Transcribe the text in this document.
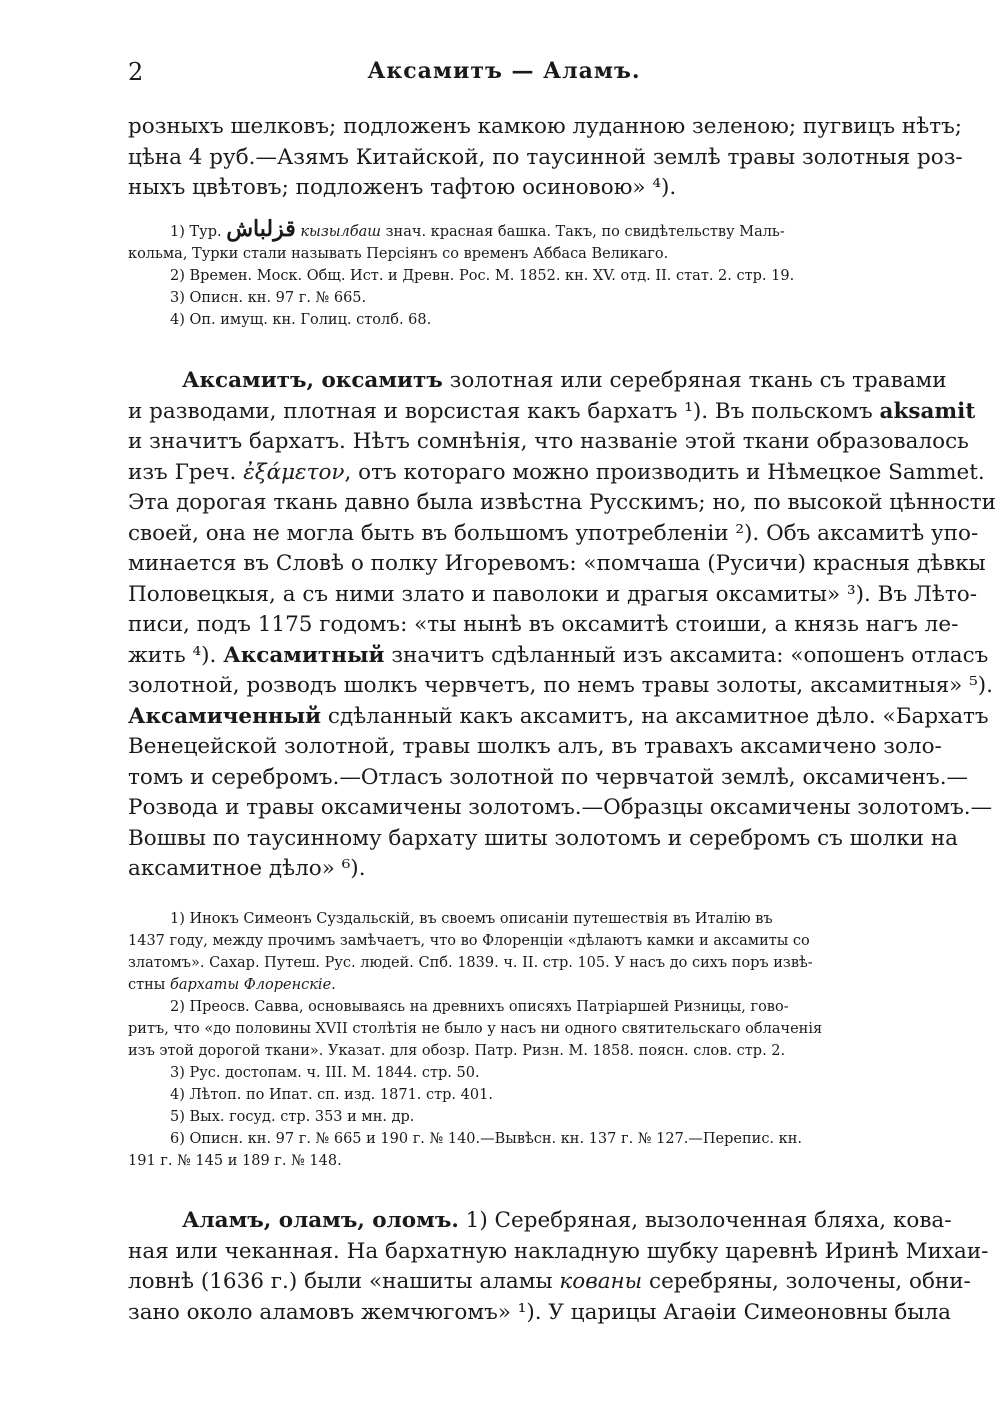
2	Аксамитъ — Аламъ.

розныхъ шелковъ; подложенъ камкою луданною зеленою; пугвицъ нѣтъ;
цѣна 4 руб.—Азямъ Китайской, по таусинной землѣ травы золотныя роз-
ныхъ цвѣтовъ; подложенъ тафтою осиновою» ⁴).

1) Тур. قزلباش кызылбаш знач. красная башка. Такъ, по свидѣтельству Маль-
кольма, Турки стали называть Персіянъ со временъ Аббаса Великаго.
2) Времен. Моск. Общ. Ист. и Древн. Рос. М. 1852. кн. XV. отд. II. стат. 2. стр. 19.
3) Описн. кн. 97 г. № 665.
4) Оп. имущ. кн. Голиц. столб. 68.

Аксамитъ, оксамитъ золотная или серебряная ткань съ травами
и разводами, плотная и ворсистая какъ бархатъ ¹). Въ польскомъ aksamit
и значитъ бархатъ. Нѣтъ сомнѣнія, что названіе этой ткани образовалось
изъ Греч. ἐξάμετον, отъ котораго можно производить и Нѣмецкое Sammet.
Эта дорогая ткань давно была извѣстна Русскимъ; но, по высокой цѣнности
своей, она не могла быть въ большомъ употребленіи ²). Объ аксамитѣ упо-
минается въ Словѣ о полку Игоревомъ: «помчаша (Русичи) красныя дѣвкы
Половецкыя, а съ ними злато и паволоки и драгыя оксамиты» ³). Въ Лѣто-
писи, подъ 1175 годомъ: «ты нынѣ въ оксамитѣ стоиши, а князь нагъ ле-
жить ⁴). Аксамитный значитъ сдѣланный изъ аксамита: «опошенъ отласъ
золотной, розводъ шолкъ червчетъ, по немъ травы золоты, аксамитныя» ⁵).
Аксамиченный сдѣланный какъ аксамитъ, на аксамитное дѣло. «Бархатъ
Венецейской золотной, травы шолкъ алъ, въ травахъ аксамичено золо-
томъ и серебромъ.—Отласъ золотной по червчатой землѣ, оксамиченъ.—
Розвода и травы оксамичены золотомъ.—Образцы оксамичены золотомъ.—
Вошвы по таусинному бархату шиты золотомъ и серебромъ съ шолки на
аксамитное дѣло» ⁶).

1) Инокъ Симеонъ Суздальскій, въ своемъ описаніи путешествія въ Италію въ
1437 году, между прочимъ замѣчаетъ, что во Флоренціи «дѣлаютъ камки и аксамиты со
златомъ». Сахар. Путеш. Рус. людей. Спб. 1839. ч. II. стр. 105. У насъ до сихъ поръ извѣ-
стны бархаты Флоренскіе.
2) Преосв. Савва, основываясь на древнихъ описяхъ Патріаршей Ризницы, гово-
ритъ, что «до половины XVII столѣтія не было у насъ ни одного святительскаго облаченія
изъ этой дорогой ткани». Указат. для обозр. Патр. Ризн. М. 1858. поясн. слов. стр. 2.
3) Рус. достопам. ч. III. М. 1844. стр. 50.
4) Лѣтоп. по Ипат. сп. изд. 1871. стр. 401.
5) Вых. госуд. стр. 353 и мн. др.
6) Описн. кн. 97 г. № 665 и 190 г. № 140.—Вывѣсн. кн. 137 г. № 127.—Перепис. кн.
191 г. № 145 и 189 г. № 148.

Аламъ, оламъ, оломъ. 1) Серебряная, вызолоченная бляха, кова-
ная или чеканная. На бархатную накладную шубку царевнѣ Иринѣ Михаи-
ловнѣ (1636 г.) были «нашиты аламы кованы серебряны, золочены, обни-
зано около аламовъ жемчюгомъ» ¹). У царицы Агаѳіи Симеоновны была
